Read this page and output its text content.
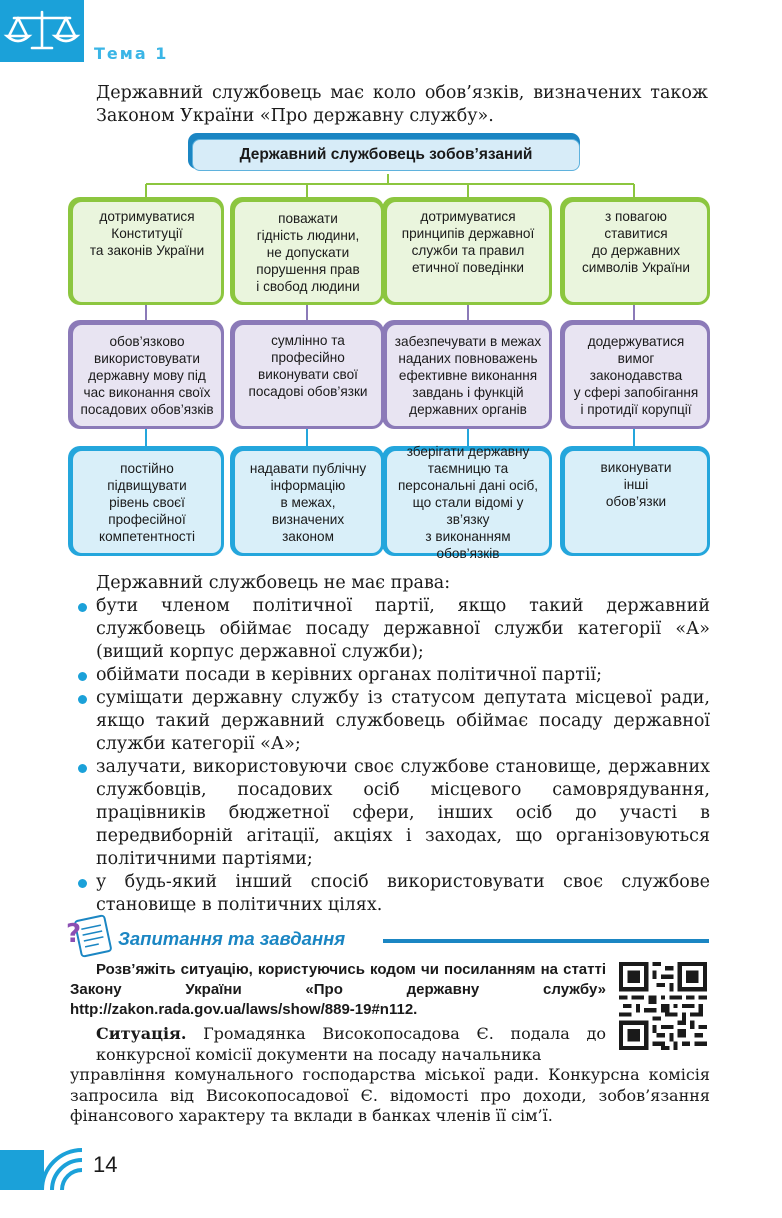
Тема 1

Державний службовець має коло обов’язків, визначених також Законом України «Про державну службу».

Державний службовець зобов’язаний
дотримуватися
Конституції
та законів України
поважати
гідність людини,
не допускати
порушення прав
і свобод людини
дотримуватися
принципів державної
служби та правил
етичної поведінки
з повагою
ставитися
до державних
символів України
обов’язково
використовувати
державну мову під
час виконання своїх
посадових обов’язків
сумлінно та
професійно
виконувати свої
посадові обов’язки
забезпечувати в межах
наданих повноважень
ефективне виконання
завдань і функцій
державних органів
додержуватися
вимог
законодавства
у сфері запобігання
і протидії корупції
постійно
підвищувати
рівень своєї
професійної
компетентності
надавати публічну
інформацію
в межах,
визначених
законом
зберігати державну
таємницю та
персональні дані осіб,
що стали відомі у зв’язку
з виконанням обов’язків
виконувати
інші
обов’язки

Державний службовець не має права:

бути членом політичної партії, якщо такий державний службовець обіймає посаду державної служби категорії «А» (вищий корпус державної служби);

обіймати посади в керівних органах політичної партії;

суміщати державну службу із статусом депутата місцевої ради, якщо такий державний службовець обіймає посаду державної служби категорії «А»;

залучати, використовуючи своє службове становище, державних службовців, посадових осіб місцевого самоврядування, працівників бюджетної сфери, інших осіб до участі в передвиборній агітації, акціях і заходах, що організовуються політичними партіями;

у будь-який інший спосіб використовувати своє службове становище в політичних цілях.

? Запитання та завдання

Розв’яжіть ситуацію, користуючись кодом чи посиланням на статті Закону України «Про державну службу» http://zakon.rada.gov.ua/laws/show/889-19#n112.

Ситуація. Громадянка Високопосадова Є. подала до конкурсної комісії документи на посаду начальника
управління комунального господарства міської ради. Конкурсна комісія запросила від Високопосадової Є. відомості про доходи, зобов’язання фінансового характеру та вклади в банках членів її сім’ї.
14
